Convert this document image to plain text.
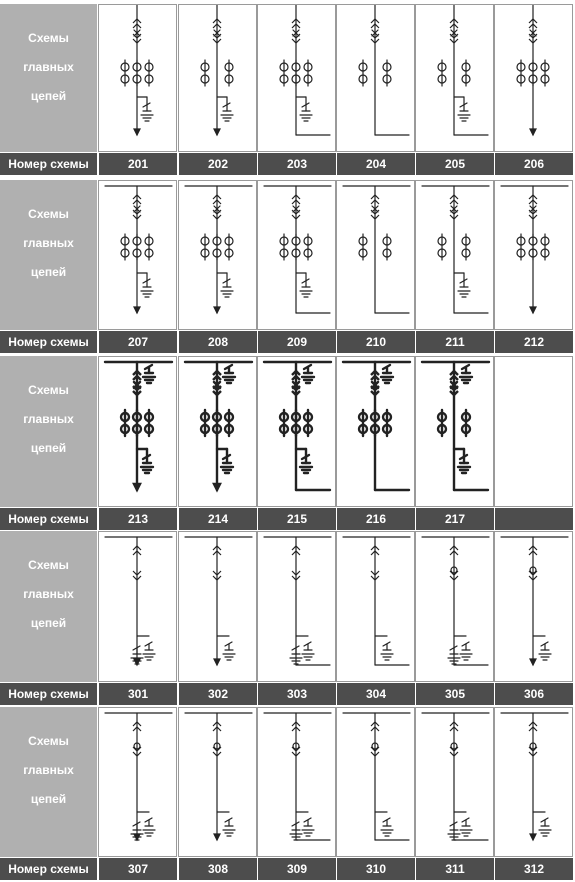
Схемы
главных
цепей
Номер схемы	201	202	203	204	205	206
Схемы
главных
цепей
Номер схемы	207	208	209	210	211	212
Схемы
главных
цепей
Номер схемы	213	214	215	216	217
Схемы
главных
цепей
Номер схемы	301	302	303	304	305	306
Схемы
главных
цепей
Номер схемы	307	308	309	310	311	312
